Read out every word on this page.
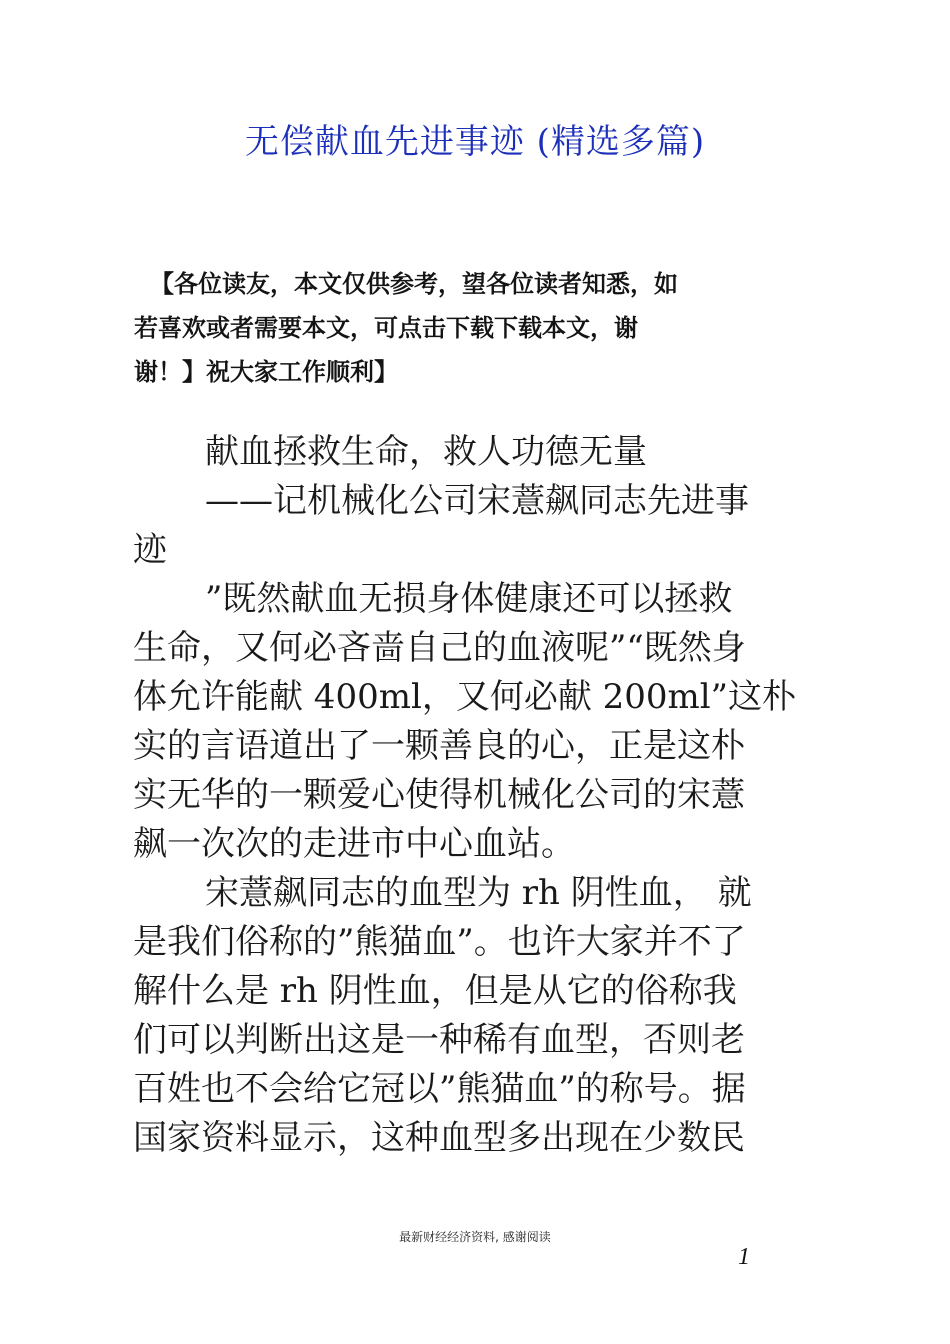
无偿献血先进事迹 (精选多篇)
【各位读友，本文仅供参考，望各位读者知悉，如
若喜欢或者需要本文，可点击下载下载本文，谢
谢！】祝大家工作顺利】
献血拯救生命，救人功德无量
——记机械化公司宋薏飙同志先进事
迹
”既然献血无损身体健康还可以拯救
生命，又何必吝啬自己的血液呢”“既然身
体允许能献 400ml，又何必献 200ml”这朴
实的言语道出了一颗善良的心，正是这朴
实无华的一颗爱心使得机械化公司的宋薏
飙一次次的走进市中心血站。
宋薏飙同志的血型为 rh 阴性血， 就
是我们俗称的”熊猫血”。也许大家并不了
解什么是 rh 阴性血，但是从它的俗称我
们可以判断出这是一种稀有血型，否则老
百姓也不会给它冠以”熊猫血”的称号。据
国家资料显示，这种血型多出现在少数民
最新财经经济资料, 感谢阅读
1
